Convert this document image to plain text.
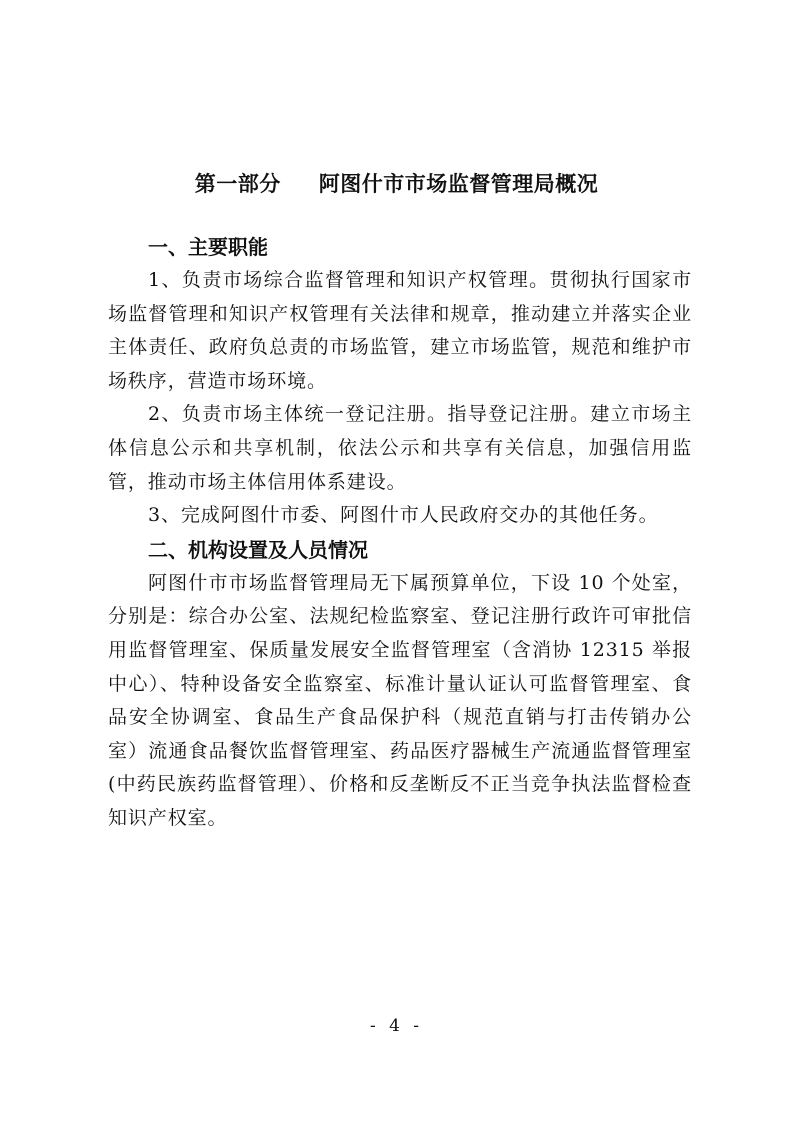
第一部分 阿图什市市场监督管理局概况
一、主要职能

1、负责市场综合监督管理和知识产权管理。贯彻执行国家市场监督管理和知识产权管理有关法律和规章，推动建立并落实企业主体责任、政府负总责的市场监管，建立市场监管，规范和维护市场秩序，营造市场环境。

2、负责市场主体统一登记注册。指导登记注册。建立市场主体信息公示和共享机制，依法公示和共享有关信息，加强信用监管，推动市场主体信用体系建设。

3、完成阿图什市委、阿图什市人民政府交办的其他任务。

二、机构设置及人员情况

阿图什市市场监督管理局无下属预算单位，下设 10 个处室，分别是：综合办公室、法规纪检监察室、登记注册行政许可审批信用监督管理室、保质量发展安全监督管理室（含消协 12315 举报中心）、特种设备安全监察室、标准计量认证认可监督管理室、食品安全协调室、食品生产食品保护科（规范直销与打击传销办公室）流通食品餐饮监督管理室、药品医疗器械生产流通监督管理室(中药民族药监督管理）、价格和反垄断反不正当竞争执法监督检查知识产权室。

- 4 -
